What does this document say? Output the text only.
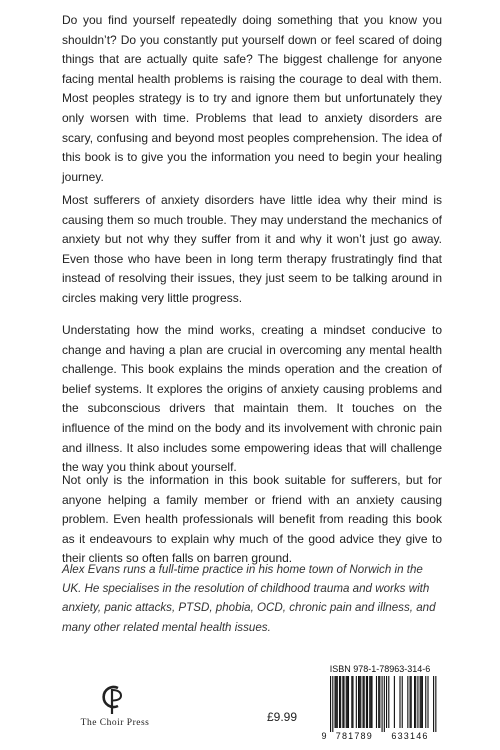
Do you find yourself repeatedly doing something that you know you shouldn’t? Do you constantly put yourself down or feel scared of doing things that are actually quite safe? The biggest challenge for anyone facing mental health problems is raising the courage to deal with them. Most peoples strategy is to try and ignore them but unfortunately they only worsen with time. Problems that lead to anxiety disorders are scary, confusing and beyond most peoples comprehension. The idea of this book is to give you the information you need to begin your healing journey.

Most sufferers of anxiety disorders have little idea why their mind is causing them so much trouble. They may understand the mechanics of anxiety but not why they suffer from it and why it won’t just go away. Even those who have been in long term therapy frustratingly find that instead of resolving their issues, they just seem to be talking around in circles making very little progress.

Understating how the mind works, creating a mindset conducive to change and having a plan are crucial in overcoming any mental health challenge. This book explains the minds operation and the creation of belief systems. It explores the origins of anxiety causing problems and the subconscious drivers that maintain them. It touches on the influence of the mind on the body and its involvement with chronic pain and illness. It also includes some empowering ideas that will challenge the way you think about yourself.

Not only is the information in this book suitable for sufferers, but for anyone helping a family member or friend with an anxiety causing problem. Even health professionals will benefit from reading this book as it endeavours to explain why much of the good advice they give to their clients so often falls on barren ground.

Alex Evans runs a full-time practice in his home town of Norwich in the UK. He specialises in the resolution of childhood trauma and works with anxiety, panic attacks, PTSD, phobia, OCD, chronic pain and illness, and many other related mental health issues.

The Choir Press	£9.99
ISBN 978-1-78963-314-6
9 781789 633146
